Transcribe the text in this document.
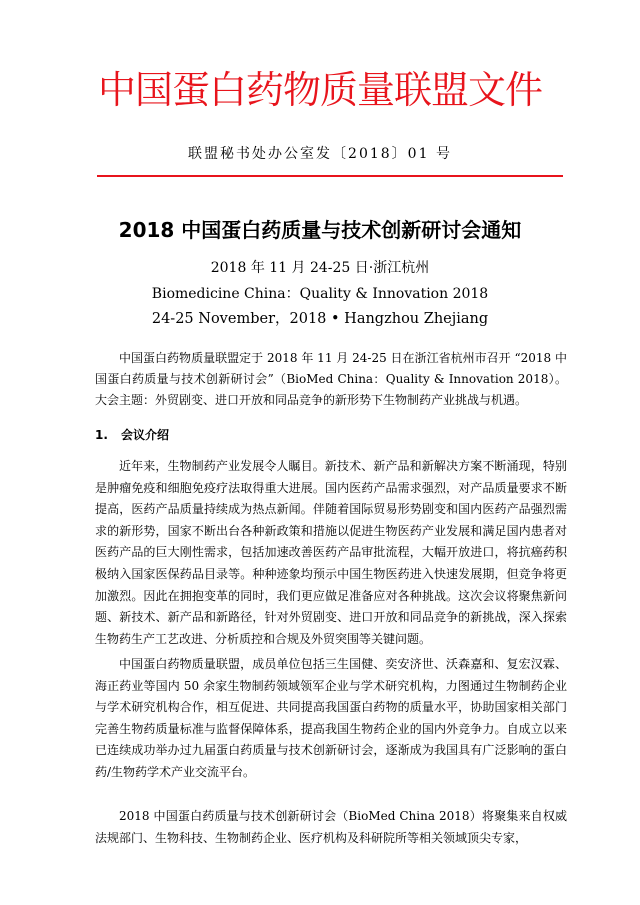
中国蛋白药物质量联盟文件
联盟秘书处办公室发〔2018〕01 号
2018 中国蛋白药质量与技术创新研讨会通知
2018 年 11 月 24-25 日·浙江杭州
Biomedicine China：Quality & Innovation 2018
24-25 November，2018 • Hangzhou Zhejiang

中国蛋白药物质量联盟定于 2018 年 11 月 24-25 日在浙江省杭州市召开 “2018 中国蛋白药质量与技术创新研讨会”（BioMed China：Quality & Innovation 2018）。大会主题：外贸剧变、进口开放和同品竞争的新形势下生物制药产业挑战与机遇。

1. 会议介绍

近年来，生物制药产业发展令人瞩目。新技术、新产品和新解决方案不断涌现，特别是肿瘤免疫和细胞免疫疗法取得重大进展。国内医药产品需求强烈，对产品质量要求不断提高，医药产品质量持续成为热点新闻。伴随着国际贸易形势剧变和国内医药产品强烈需求的新形势，国家不断出台各种新政策和措施以促进生物医药产业发展和满足国内患者对医药产品的巨大刚性需求，包括加速改善医药产品审批流程，大幅开放进口，将抗癌药积极纳入国家医保药品目录等。种种迹象均预示中国生物医药进入快速发展期，但竞争将更加激烈。因此在拥抱变革的同时，我们更应做足准备应对各种挑战。这次会议将聚焦新问题、新技术、新产品和新路径，针对外贸剧变、进口开放和同品竞争的新挑战，深入探索生物药生产工艺改进、分析质控和合规及外贸突围等关键问题。

中国蛋白药物质量联盟，成员单位包括三生国健、奕安济世、沃森嘉和、复宏汉霖、海正药业等国内 50 余家生物制药领域领军企业与学术研究机构，力图通过生物制药企业与学术研究机构合作，相互促进、共同提高我国蛋白药物的质量水平，协助国家相关部门完善生物药质量标准与监督保障体系，提高我国生物药企业的国内外竞争力。自成立以来已连续成功举办过九届蛋白药质量与技术创新研讨会，逐渐成为我国具有广泛影响的蛋白药/生物药学术产业交流平台。

2018 中国蛋白药质量与技术创新研讨会（BioMed China 2018）将聚集来自权威法规部门、生物科技、生物制药企业、医疗机构及科研院所等相关领域顶尖专家，
